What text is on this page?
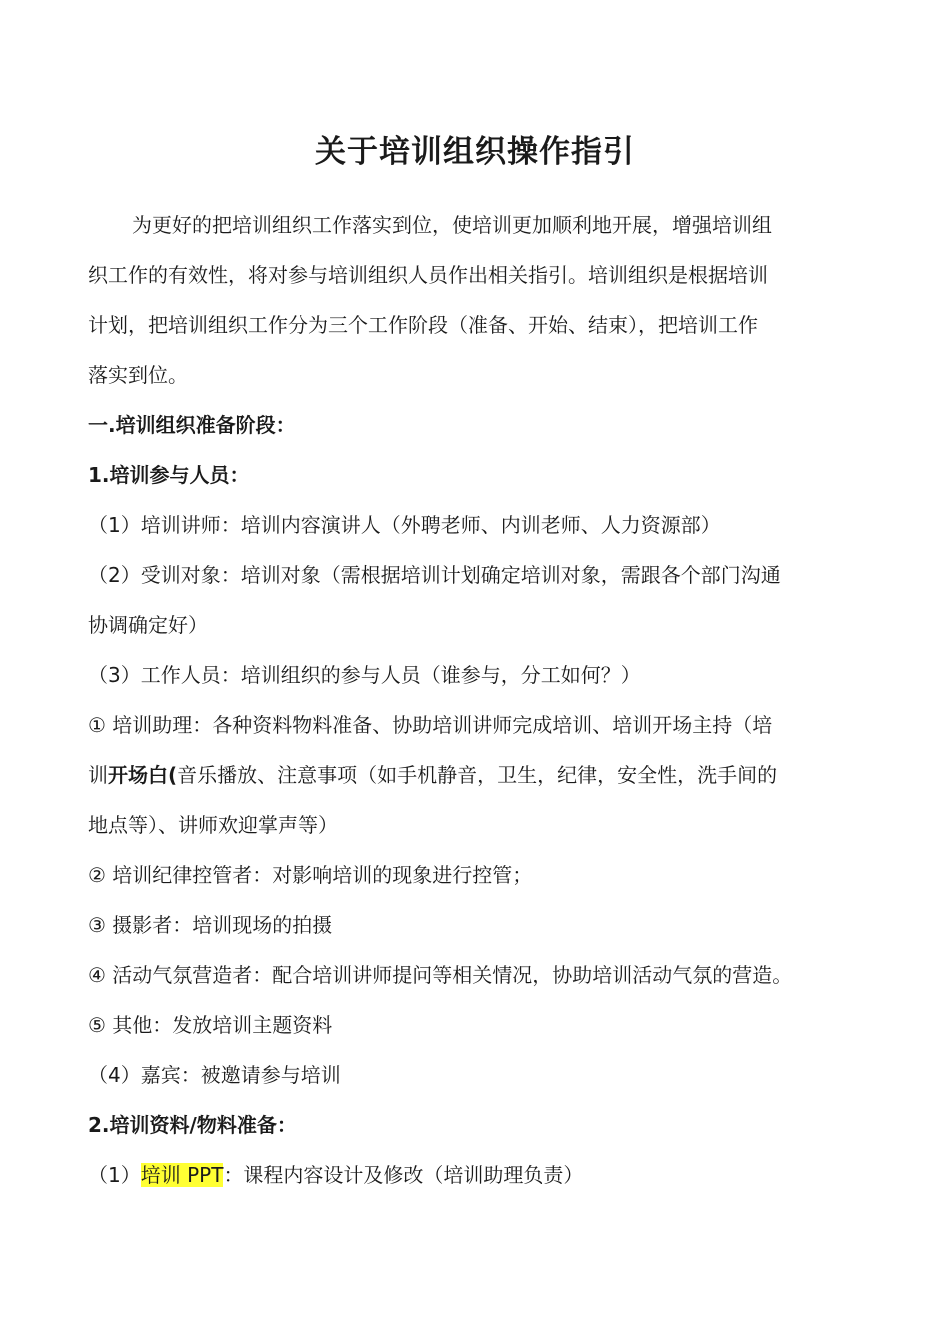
关于培训组织操作指引
为更好的把培训组织工作落实到位，使培训更加顺利地开展，增强培训组
织工作的有效性，将对参与培训组织人员作出相关指引。培训组织是根据培训
计划，把培训组织工作分为三个工作阶段（准备、开始、结束），把培训工作
落实到位。
一.培训组织准备阶段：
1.培训参与人员：
（1）培训讲师：培训内容演讲人（外聘老师、内训老师、人力资源部）
（2）受训对象：培训对象（需根据培训计划确定培训对象，需跟各个部门沟通
协调确定好）
（3）工作人员：培训组织的参与人员（谁参与，分工如何？）
① 培训助理：各种资料物料准备、协助培训讲师完成培训、培训开场主持（培
训开场白(音乐播放、注意事项（如手机静音，卫生，纪律，安全性，洗手间的
地点等）、讲师欢迎掌声等）
② 培训纪律控管者：对影响培训的现象进行控管；
③ 摄影者：培训现场的拍摄
④ 活动气氛营造者：配合培训讲师提问等相关情况，协助培训活动气氛的营造。
⑤ 其他：发放培训主题资料
（4）嘉宾：被邀请参与培训
2.培训资料/物料准备：
（1）培训 PPT：课程内容设计及修改（培训助理负责）
